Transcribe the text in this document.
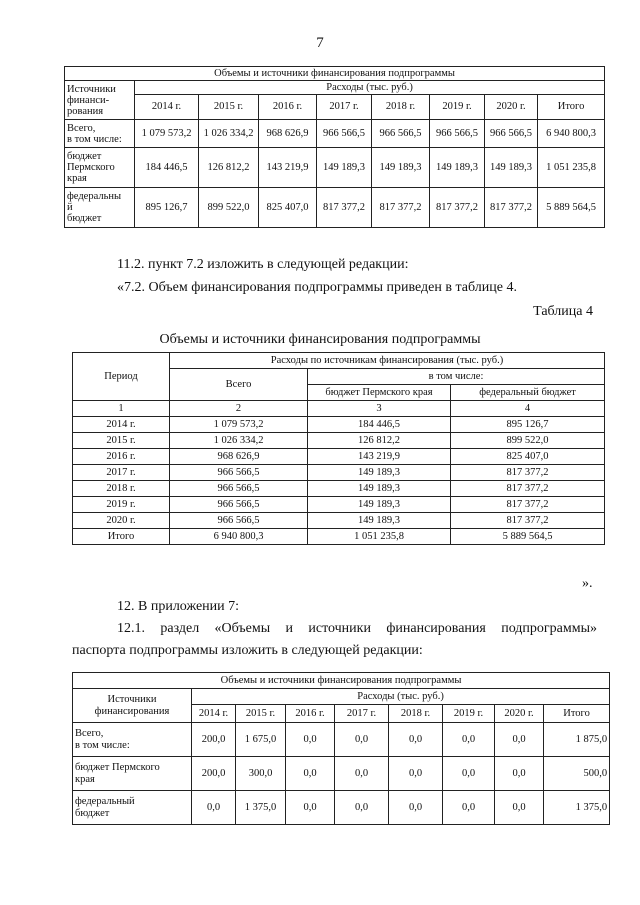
7
Объемы и источники финансирования подпрограммы								
Источники
финанси-
рования	Расходы (тыс. руб.)							
	2014 г.	2015 г.	2016 г.	2017 г.	2018 г.	2019 г.	2020 г.	Итого
Всего,
в том числе:	1 079 573,2	1 026 334,2	968 626,9	966 566,5	966 566,5	966 566,5	966 566,5	6 940 800,3
бюджет
Пермского
края	184 446,5	126 812,2	143 219,9	149 189,3	149 189,3	149 189,3	149 189,3	1 051 235,8
федеральны
й
бюджет	895 126,7	899 522,0	825 407,0	817 377,2	817 377,2	817 377,2	817 377,2	5 889 564,5
11.2. пункт 7.2 изложить в следующей редакции:
«7.2. Объем финансирования подпрограммы приведен в таблице 4.
Таблица 4
Объемы и источники финансирования подпрограммы
Период	Расходы по источникам финансирования (тыс. руб.)		
	Всего	в том числе:	
		бюджет Пермского края	федеральный бюджет
1	2	3	4
2014 г.	1 079 573,2	184 446,5	895 126,7
2015 г.	1 026 334,2	126 812,2	899 522,0
2016 г.	968 626,9	143 219,9	825 407,0
2017 г.	966 566,5	149 189,3	817 377,2
2018 г.	966 566,5	149 189,3	817 377,2
2019 г.	966 566,5	149 189,3	817 377,2
2020 г.	966 566,5	149 189,3	817 377,2
Итого	6 940 800,3	1 051 235,8	5 889 564,5
».
12. В приложении 7:
12.1. раздел «Объемы и источники финансирования подпрограммы»
паспорта подпрограммы изложить в следующей редакции:
Объемы и источники финансирования подпрограммы								
Источники
финансирования	Расходы (тыс. руб.)							
	2014 г.	2015 г.	2016 г.	2017 г.	2018 г.	2019 г.	2020 г.	Итого
Всего,
в том числе:	200,0	1 675,0	0,0	0,0	0,0	0,0	0,0	1 875,0
бюджет Пермского
края	200,0	300,0	0,0	0,0	0,0	0,0	0,0	500,0
федеральный
бюджет	0,0	1 375,0	0,0	0,0	0,0	0,0	0,0	1 375,0
